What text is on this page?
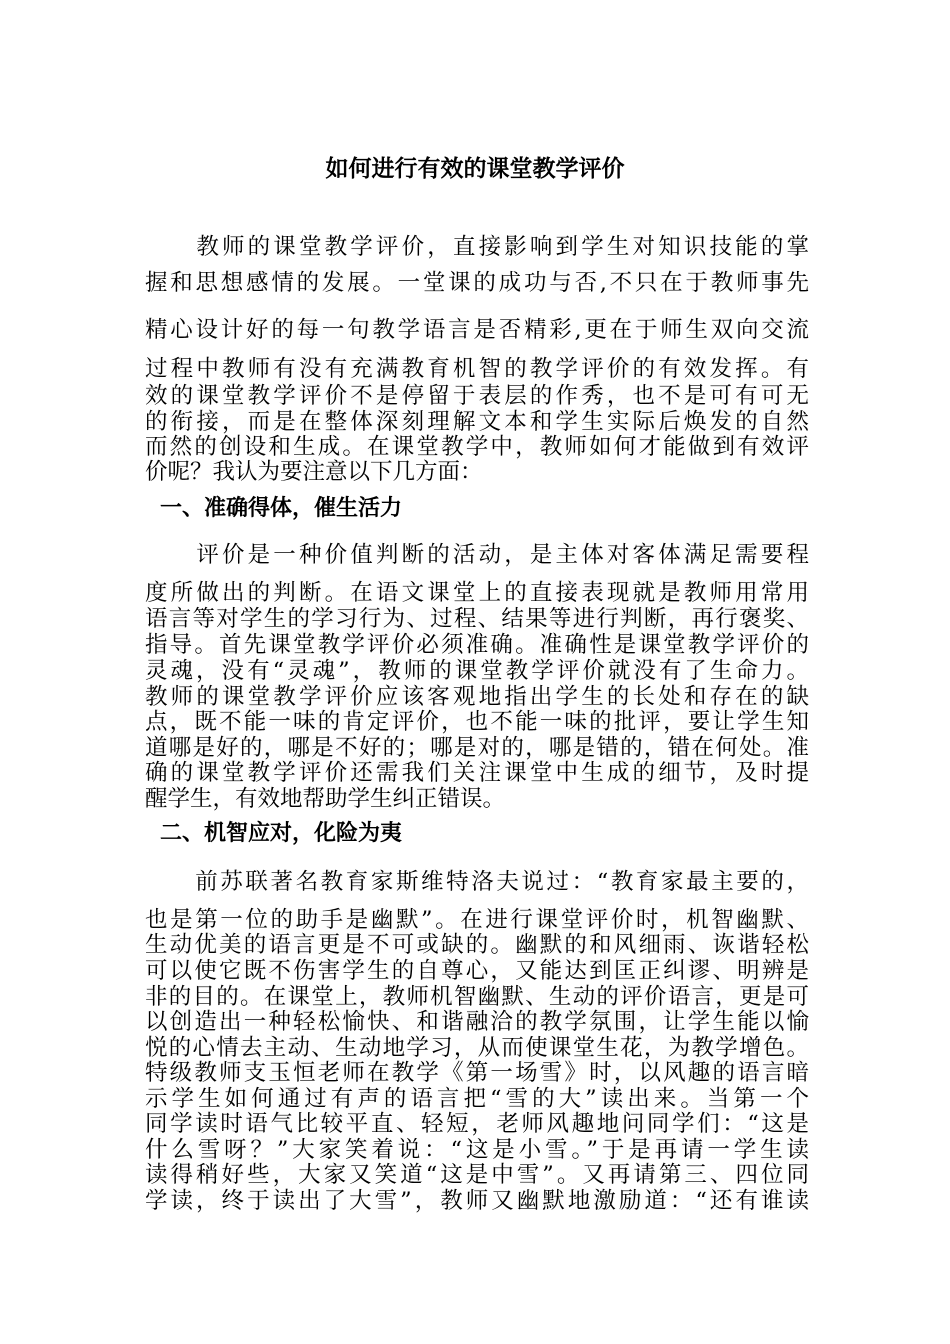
如何进行有效的课堂教学评价
　　教师的课堂教学评价，直接影响到学生对知识技能的掌
握和思想感情的发展。一堂课的成功与否,不只在于教师事先
精心设计好的每一句教学语言是否精彩,更在于师生双向交流
过程中教师有没有充满教育机智的教学评价的有效发挥。有
效的课堂教学评价不是停留于表层的作秀，也不是可有可无
的衔接，而是在整体深刻理解文本和学生实际后焕发的自然
而然的创设和生成。在课堂教学中，教师如何才能做到有效评
价呢？我认为要注意以下几方面：
一、准确得体，催生活力
　　评价是一种价值判断的活动，是主体对客体满足需要程
度所做出的判断。在语文课堂上的直接表现就是教师用常用
语言等对学生的学习行为、过程、结果等进行判断，再行褒奖、
指导。首先课堂教学评价必须准确。准确性是课堂教学评价的
灵魂，没有“灵魂”，教师的课堂教学评价就没有了生命力。
教师的课堂教学评价应该客观地指出学生的长处和存在的缺
点，既不能一味的肯定评价，也不能一味的批评，要让学生知
道哪是好的，哪是不好的；哪是对的，哪是错的，错在何处。准
确的课堂教学评价还需我们关注课堂中生成的细节，及时提
醒学生，有效地帮助学生纠正错误。
二、机智应对，化险为夷
　　前苏联著名教育家斯维特洛夫说过：“教育家最主要的，
也是第一位的助手是幽默”。在进行课堂评价时，机智幽默、
生动优美的语言更是不可或缺的。幽默的和风细雨、诙谐轻松
可以使它既不伤害学生的自尊心，又能达到匡正纠谬、明辨是
非的目的。在课堂上，教师机智幽默、生动的评价语言，更是可
以创造出一种轻松愉快、和谐融洽的教学氛围，让学生能以愉
悦的心情去主动、生动地学习，从而使课堂生花，为教学增色。
特级教师支玉恒老师在教学《第一场雪》时，以风趣的语言暗
示学生如何通过有声的语言把“雪的大”读出来。当第一个
同学读时语气比较平直、轻短，老师风趣地问同学们：“这是
什么雪呀？”大家笑着说：“这是小雪。”于是再请一学生读
读得稍好些，大家又笑道“这是中雪”。又再请第三、四位同
学读，终于读出了大雪”，教师又幽默地激励道：“还有谁读
